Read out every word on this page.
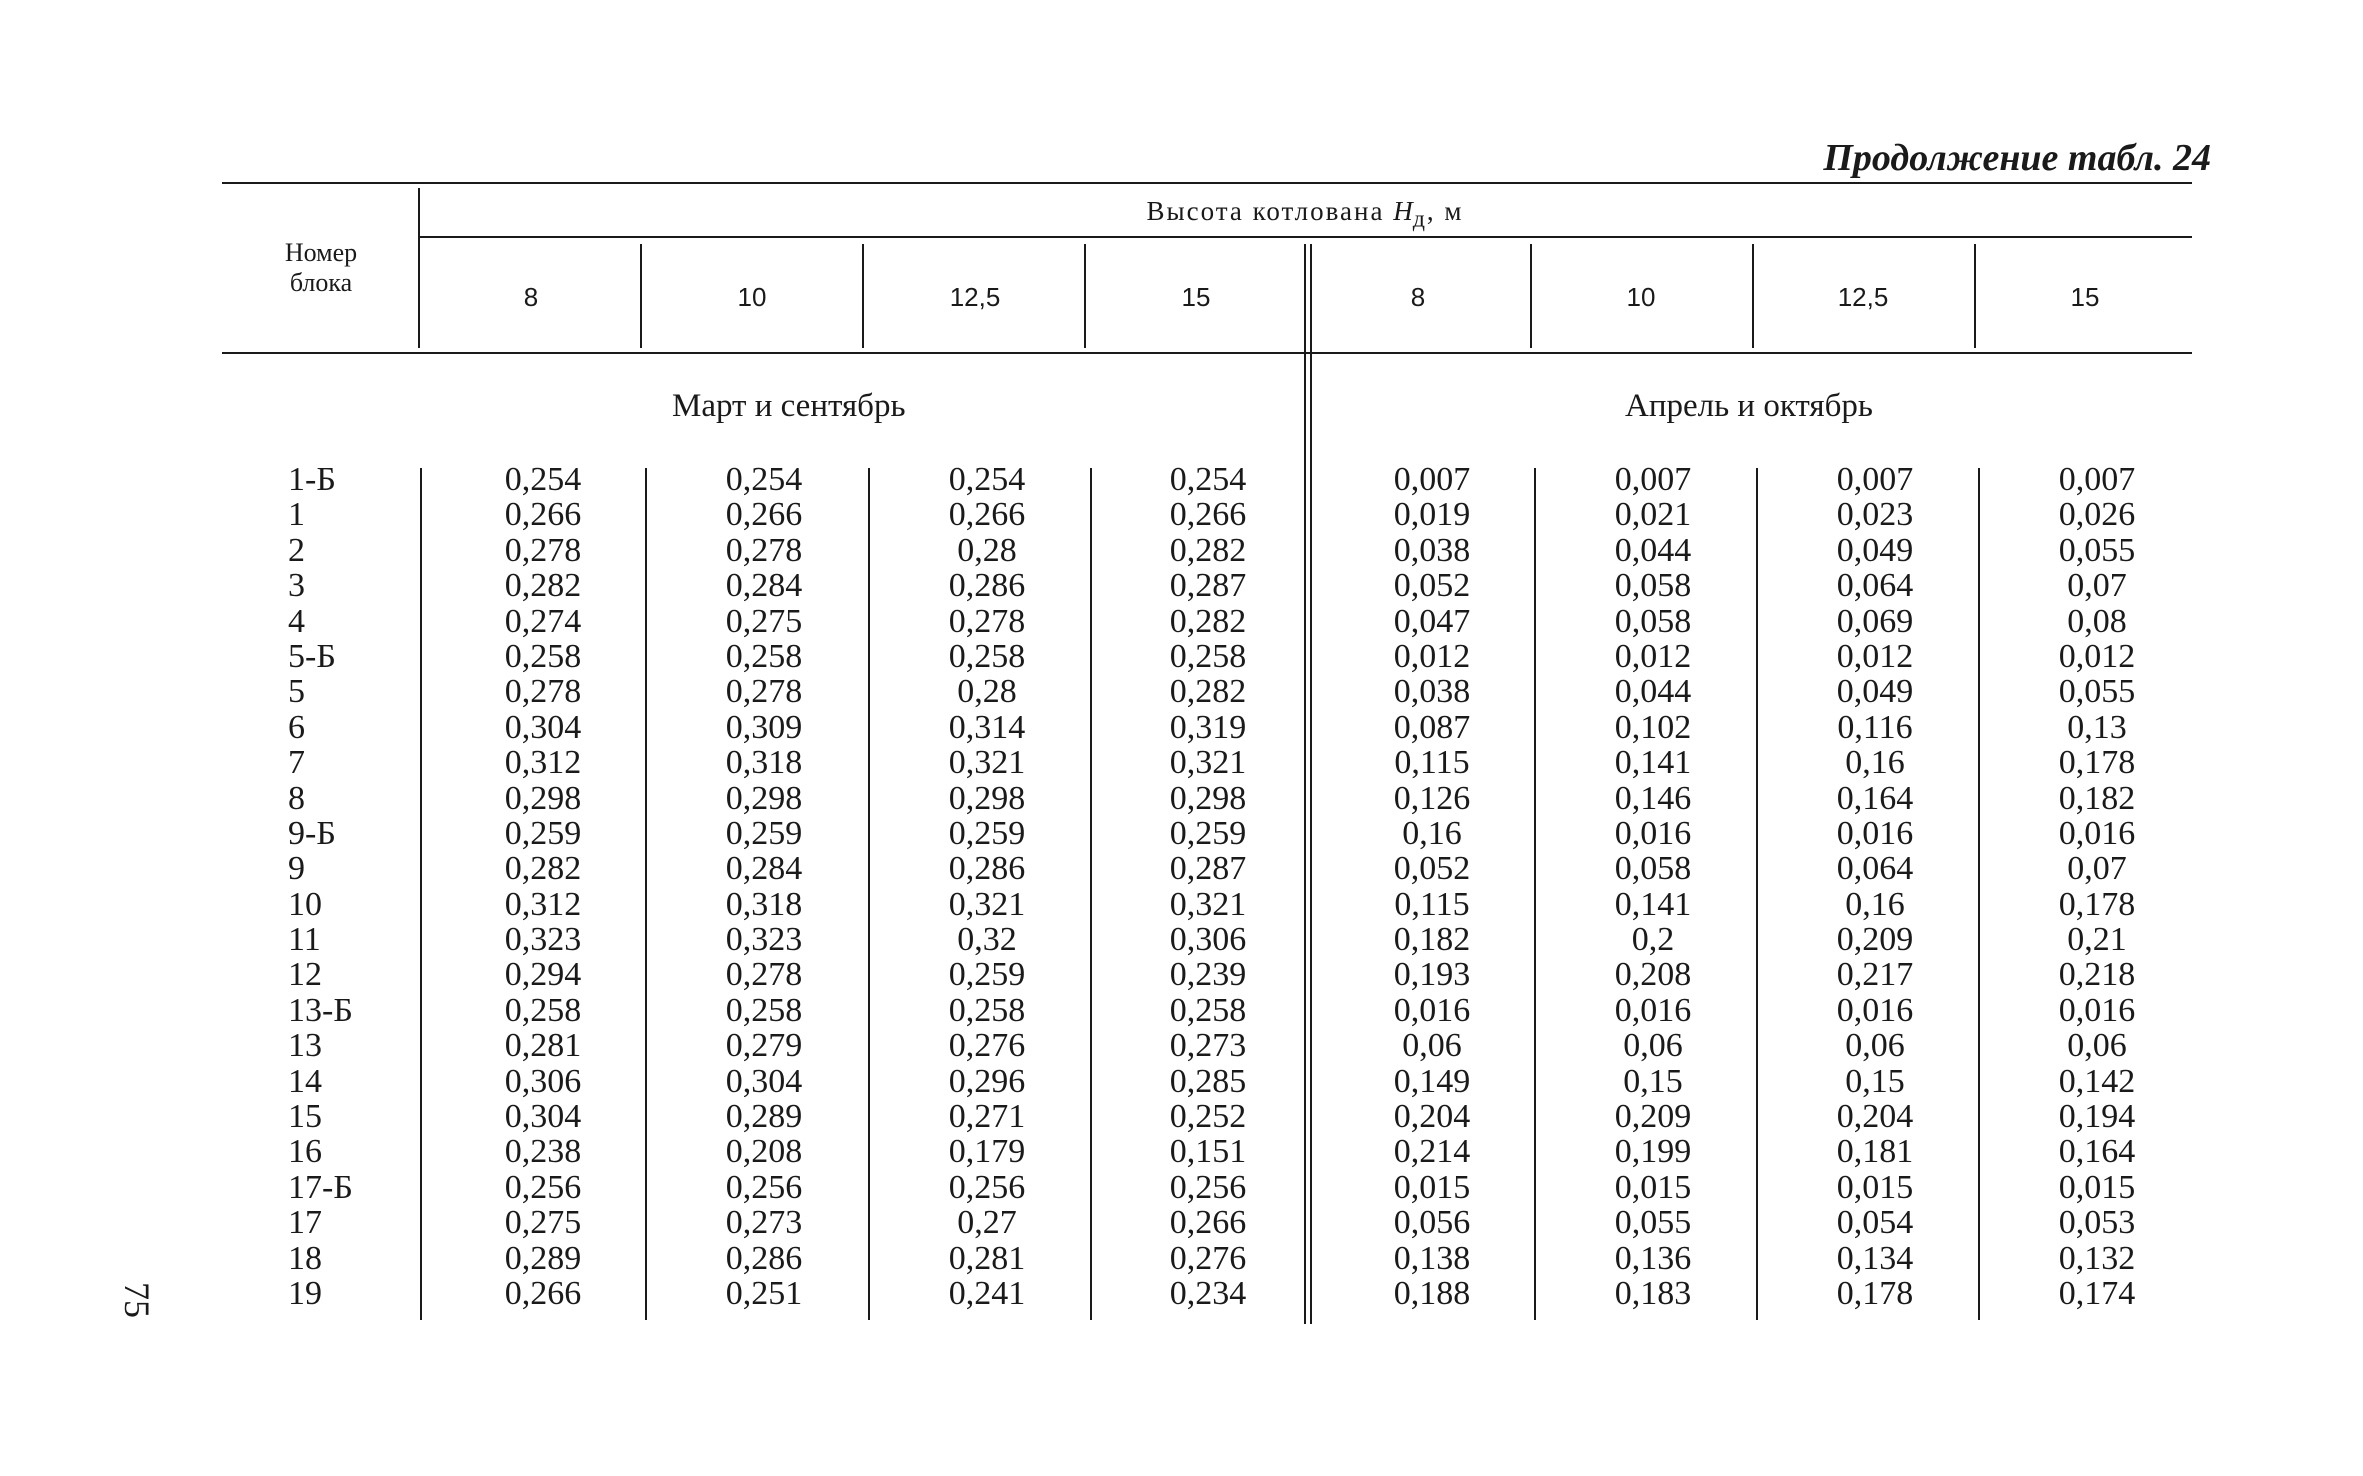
Продолжение табл. 24
75
Номер
блока
Высота котлована $H_д$, м
8	10	12,5	15	8	10	12,5	15
Март и сентябрь	Апрель и октябрь
1-Б	0,254	0,254	0,254	0,254	0,007	0,007	0,007	0,007
1	0,266	0,266	0,266	0,266	0,019	0,021	0,023	0,026
2	0,278	0,278	0,28	0,282	0,038	0,044	0,049	0,055
3	0,282	0,284	0,286	0,287	0,052	0,058	0,064	0,07
4	0,274	0,275	0,278	0,282	0,047	0,058	0,069	0,08
5-Б	0,258	0,258	0,258	0,258	0,012	0,012	0,012	0,012
5	0,278	0,278	0,28	0,282	0,038	0,044	0,049	0,055
6	0,304	0,309	0,314	0,319	0,087	0,102	0,116	0,13
7	0,312	0,318	0,321	0,321	0,115	0,141	0,16	0,178
8	0,298	0,298	0,298	0,298	0,126	0,146	0,164	0,182
9-Б	0,259	0,259	0,259	0,259	0,16	0,016	0,016	0,016
9	0,282	0,284	0,286	0,287	0,052	0,058	0,064	0,07
10	0,312	0,318	0,321	0,321	0,115	0,141	0,16	0,178
11	0,323	0,323	0,32	0,306	0,182	0,2	0,209	0,21
12	0,294	0,278	0,259	0,239	0,193	0,208	0,217	0,218
13-Б	0,258	0,258	0,258	0,258	0,016	0,016	0,016	0,016
13	0,281	0,279	0,276	0,273	0,06	0,06	0,06	0,06
14	0,306	0,304	0,296	0,285	0,149	0,15	0,15	0,142
15	0,304	0,289	0,271	0,252	0,204	0,209	0,204	0,194
16	0,238	0,208	0,179	0,151	0,214	0,199	0,181	0,164
17-Б	0,256	0,256	0,256	0,256	0,015	0,015	0,015	0,015
17	0,275	0,273	0,27	0,266	0,056	0,055	0,054	0,053
18	0,289	0,286	0,281	0,276	0,138	0,136	0,134	0,132
19	0,266	0,251	0,241	0,234	0,188	0,183	0,178	0,174
